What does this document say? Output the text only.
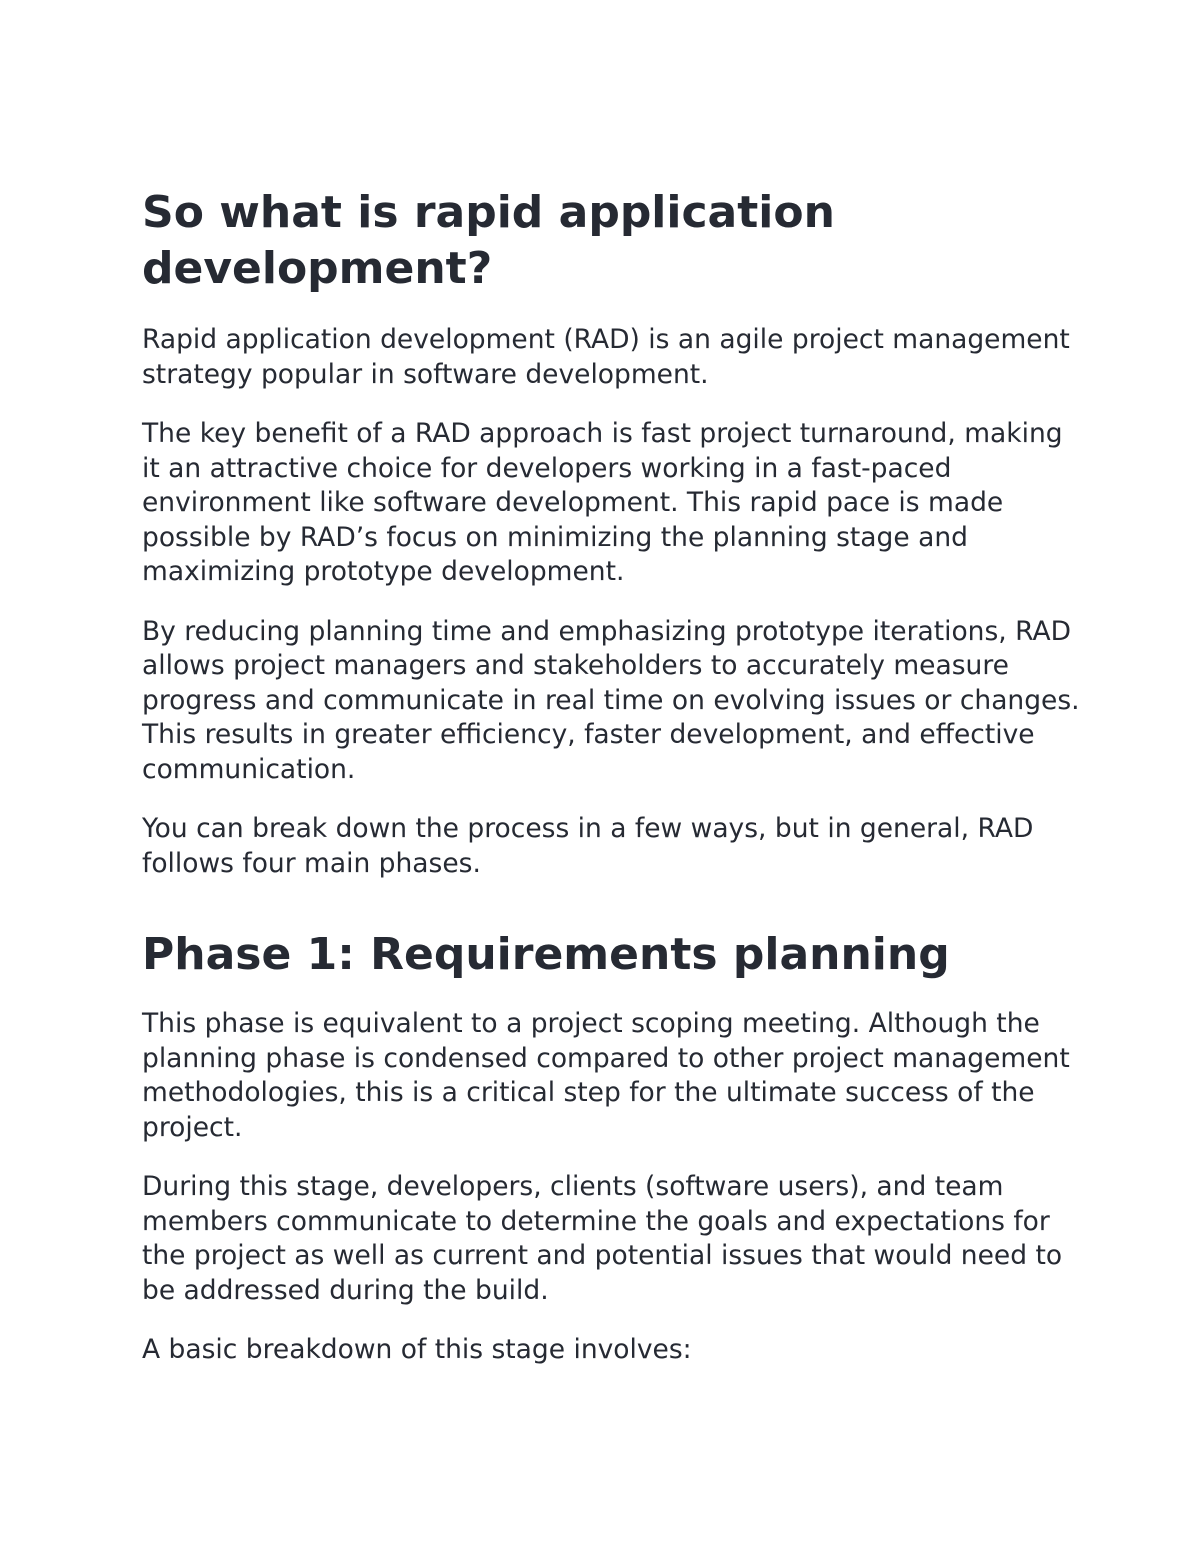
So what is rapid application development?

Rapid application development (RAD) is an agile project management strategy popular in software development.

The key benefit of a RAD approach is fast project turnaround, making it an attractive choice for developers working in a fast-paced environment like software development. This rapid pace is made possible by RAD’s focus on minimizing the planning stage and maximizing prototype development.

By reducing planning time and emphasizing prototype iterations, RAD allows project managers and stakeholders to accurately measure progress and communicate in real time on evolving issues or changes. This results in greater efficiency, faster development, and effective communication.

You can break down the process in a few ways, but in general, RAD follows four main phases.

Phase 1: Requirements planning

This phase is equivalent to a project scoping meeting. Although the planning phase is condensed compared to other project management methodologies, this is a critical step for the ultimate success of the project.

During this stage, developers, clients (software users), and team members communicate to determine the goals and expectations for the project as well as current and potential issues that would need to be addressed during the build.

A basic breakdown of this stage involves:
